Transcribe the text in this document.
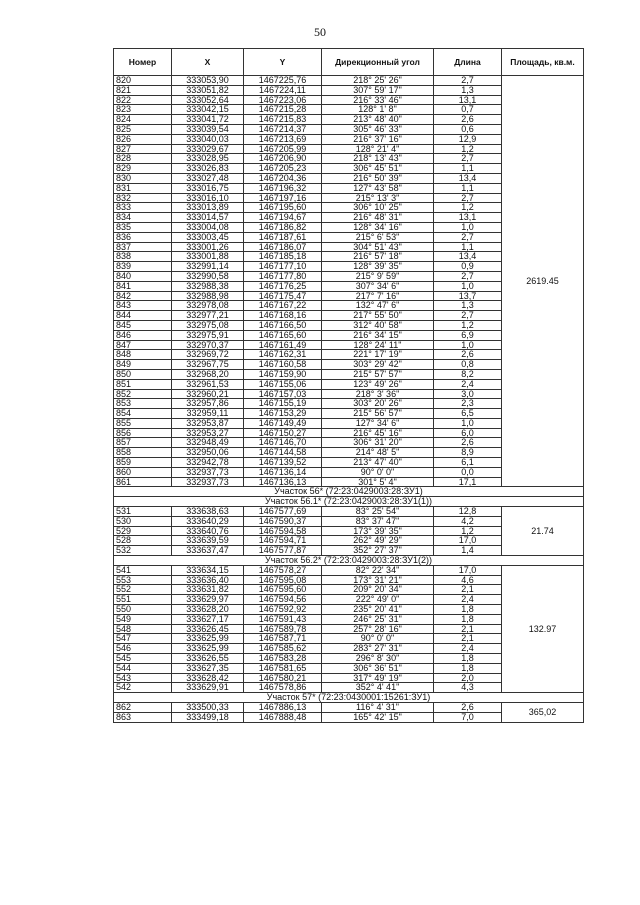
50
Номер	X	Y	Дирекционный угол	Длина	Площадь, кв.м.
820	333053,90	1467225,76	218° 25' 26"	2,7	2619.45
821	333051,82	1467224,11	307° 59' 17"	1,3	
822	333052,64	1467223,06	216° 33' 46"	13,1	
823	333042,15	1467215,28	128° 1' 8"	0,7	
824	333041,72	1467215,83	213° 48' 40"	2,6	
825	333039,54	1467214,37	305° 46' 33"	0,6	
826	333040,03	1467213,69	216° 37' 16"	12,9	
827	333029,67	1467205,99	128° 21' 4"	1,2	
828	333028,95	1467206,90	218° 13' 43"	2,7	
829	333026,83	1467205,23	306° 45' 51"	1,1	
830	333027,48	1467204,36	216° 50' 39"	13,4	
831	333016,75	1467196,32	127° 43' 58"	1,1	
832	333016,10	1467197,16	215° 13' 3"	2,7	
833	333013,89	1467195,60	306° 10' 25"	1,2	
834	333014,57	1467194,67	216° 48' 31"	13,1	
835	333004,08	1467186,82	128° 34' 16"	1,0	
836	333003,45	1467187,61	215° 6' 53"	2,7	
837	333001,26	1467186,07	304° 51' 43"	1,1	
838	333001,88	1467185,18	216° 57' 18"	13,4	
839	332991,14	1467177,10	128° 39' 35"	0,9	
840	332990,58	1467177,80	215° 9' 59"	2,7	
841	332988,38	1467176,25	307° 34' 6"	1,0	
842	332988,98	1467175,47	217° 7' 16"	13,7	
843	332978,08	1467167,22	132° 47' 6"	1,3	
844	332977,21	1467168,16	217° 55' 50"	2,7	
845	332975,08	1467166,50	312° 40' 58"	1,2	
846	332975,91	1467165,60	216° 34' 15"	6,9	
847	332970,37	1467161,49	128° 24' 11"	1,0	
848	332969,72	1467162,31	221° 17' 19"	2,6	
849	332967,75	1467160,58	303° 29' 42"	0,8	
850	332968,20	1467159,90	215° 57' 57"	8,2	
851	332961,53	1467155,06	123° 49' 26"	2,4	
852	332960,21	1467157,03	218° 3' 36"	3,0	
853	332957,86	1467155,19	303° 20' 26"	2,3	
854	332959,11	1467153,29	215° 56' 57"	6,5	
855	332953,87	1467149,49	127° 34' 6"	1,0	
856	332953,27	1467150,27	216° 45' 16"	6,0	
857	332948,49	1467146,70	306° 31' 20"	2,6	
858	332950,06	1467144,58	214° 48' 5"	8,9	
859	332942,78	1467139,52	213° 47' 40"	6,1	
860	332937,73	1467136,14	90° 0' 0"	0,0	
861	332937,73	1467136,13	301° 5' 4"	17,1	
Участок 56* (72:23:0429003:28:ЗУ1)					
Участок 56.1* (72:23:0429003:28:ЗУ1(1))					
531	333638,63	1467577,69	83° 25' 54"	12,8	21.74
530	333640,29	1467590,37	83° 37' 47"	4,2	
529	333640,76	1467594,58	173° 39' 35"	1,2	
528	333639,59	1467594,71	262° 49' 29"	17,0	
532	333637,47	1467577,87	352° 27' 37"	1,4	
Участок 56.2* (72:23:0429003:28:ЗУ1(2))					
541	333634,15	1467578,27	82° 22' 34"	17,0	132.97
553	333636,40	1467595,08	173° 31' 21"	4,6	
552	333631,82	1467595,60	209° 20' 34"	2,1	
551	333629,97	1467594,56	222° 49' 0"	2,4	
550	333628,20	1467592,92	235° 20' 41"	1,8	
549	333627,17	1467591,43	246° 25' 31"	1,8	
548	333626,45	1467589,78	257° 28' 16"	2,1	
547	333625,99	1467587,71	90° 0' 0"	2,1	
546	333625,99	1467585,62	283° 27' 31"	2,4	
545	333626,55	1467583,28	296° 8' 30"	1,8	
544	333627,35	1467581,65	306° 36' 51"	1,8	
543	333628,42	1467580,21	317° 49' 19"	2,0	
542	333629,91	1467578,86	352° 4' 41"	4,3	
Участок 57* (72:23:0430001:15261:ЗУ1)					
862	333500,33	1467886,13	116° 4' 31"	2,6	365,02
863	333499,18	1467888,48	165° 42' 15"	7,0	
